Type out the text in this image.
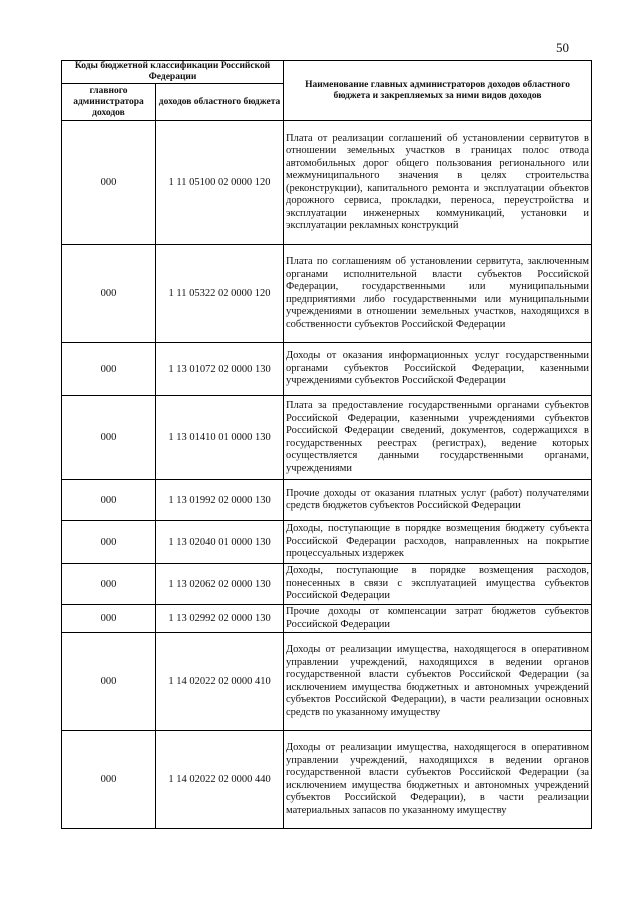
50
Коды бюджетной классификации Российской Федерации		Наименование главных администраторов доходов областного бюджета и закрепляемых за ними видов доходов
главного администратора доходов	доходов областного бюджета	
000	1 11 05100 02 0000 120	Плата от реализации соглашений об установлении сервитутов в отношении земельных участков в границах полос отвода автомобильных дорог общего пользования регионального или межмуниципального значения в целях строительства (реконструкции), капитального ремонта и эксплуатации объектов дорожного сервиса, прокладки, переноса, переустройства и эксплуатации инженерных коммуникаций, установки и эксплуатации рекламных конструкций
000	1 11 05322 02 0000 120	Плата по соглашениям об установлении сервитута, заключенным органами исполнительной власти субъектов Российской Федерации, государственными или муниципальными предприятиями либо государственными или муниципальными учреждениями в отношении земельных участков, находящихся в собственности субъектов Российской Федерации
000	1 13 01072 02 0000 130	Доходы от оказания информационных услуг государственными органами субъектов Российской Федерации, казенными учреждениями субъектов Российской Федерации
000	1 13 01410 01 0000 130	Плата за предоставление государственными органами субъектов Российской Федерации, казенными учреждениями субъектов Российской Федерации сведений, документов, содержащихся в государственных реестрах (регистрах), ведение которых осуществляется данными государственными органами, учреждениями
000	1 13 01992 02 0000 130	Прочие доходы от оказания платных услуг (работ) получателями средств бюджетов субъектов Российской Федерации
000	1 13 02040 01 0000 130	Доходы, поступающие в порядке возмещения бюджету субъекта Российской Федерации расходов, направленных на покрытие процессуальных издержек
000	1 13 02062 02 0000 130	Доходы, поступающие в порядке возмещения расходов, понесенных в связи с эксплуатацией имущества субъектов Российской Федерации
000	1 13 02992 02 0000 130	Прочие доходы от компенсации затрат бюджетов субъектов Российской Федерации
000	1 14 02022 02 0000 410	Доходы от реализации имущества, находящегося в оперативном управлении учреждений, находящихся в ведении органов государственной власти субъектов Российской Федерации (за исключением имущества бюджетных и автономных учреждений субъектов Российской Федерации), в части реализации основных средств по указанному имуществу
000	1 14 02022 02 0000 440	Доходы от реализации имущества, находящегося в оперативном управлении учреждений, находящихся в ведении органов государственной власти субъектов Российской Федерации (за исключением имущества бюджетных и автономных учреждений субъектов Российской Федерации), в части реализации материальных запасов по указанному имуществу
